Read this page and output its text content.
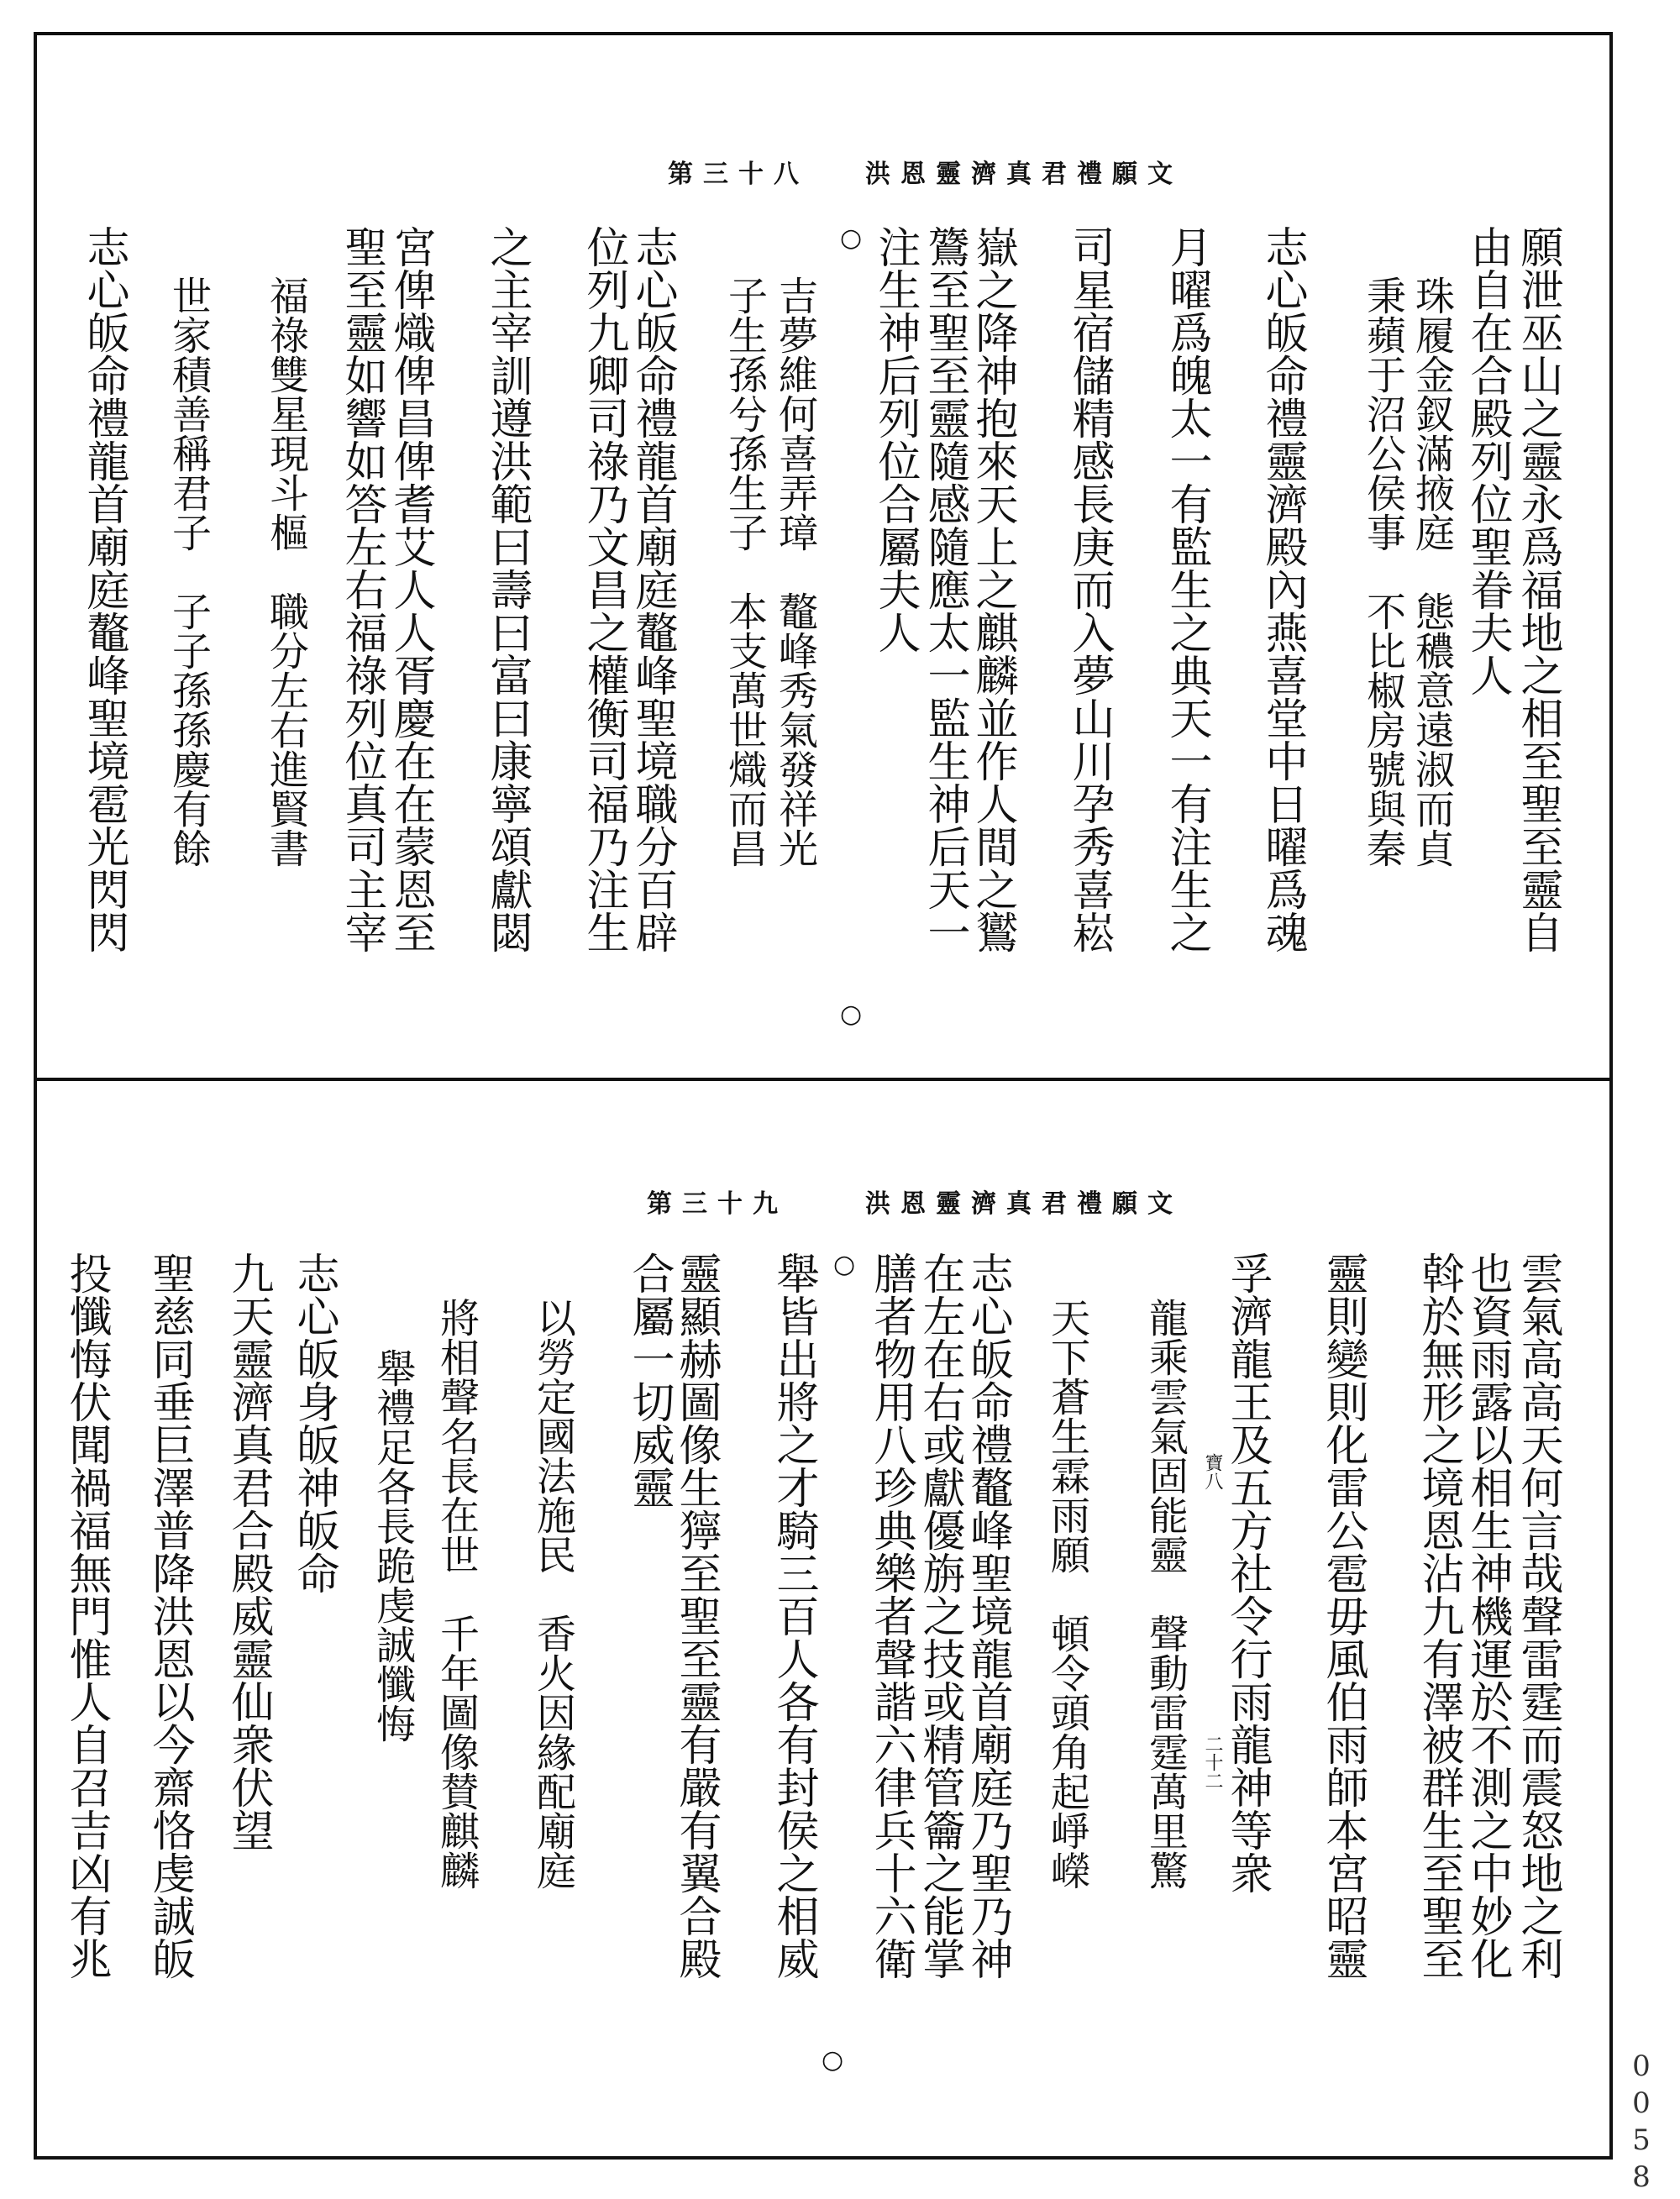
洪恩靈濟真君禮願文
第三十八
願泄巫山之靈永爲福地之相至聖至靈自
由自在合殿列位聖眷夫人
珠履金釵滿掖庭　態穠意遠淑而貞
秉蘋于沼公侯事　不比椒房號與秦
志心皈命禮靈濟殿內燕喜堂中日曜爲魂
月曜爲魄太一有監生之典天一有注生之
司星宿儲精感長庚而入夢山川孕秀喜崧
嶽之降神抱來天上之麒麟並作人間之鸑
鷟至聖至靈隨感隨應太一監生神后天一
注生神后列位合屬夫人
吉夢維何喜弄璋　鼇峰秀氣發祥光
子生孫兮孫生子　本支萬世熾而昌
志心皈命禮龍首廟庭鼇峰聖境職分百辟
位列九卿司祿乃文昌之權衡司福乃注生
之主宰訓遵洪範曰壽曰富曰康寧頌獻閟
宮俾熾俾昌俾耆艾人人胥慶在在蒙恩至
聖至靈如響如答左右福祿列位真司主宰
福祿雙星現斗樞　職分左右進賢書
世家積善稱君子　子子孫孫慶有餘
志心皈命禮龍首廟庭鼇峰聖境雹光閃閃	○
○
洪恩靈濟真君禮願文
第三十九
雲氣高高天何言哉聲雷霆而震怒地之利
也資雨露以相生神機運於不測之中妙化
斡於無形之境恩沾九有澤被群生至聖至
靈則變則化雷公雹毋風伯雨師本宮昭靈
孚濟龍王及五方社令行雨龍神等衆
龍乘雲氣固能靈　聲動雷霆萬里驚
天下蒼生霖雨願　頓令頭角起崢嶸
志心皈命禮鼇峰聖境龍首廟庭乃聖乃神
在左在右或獻優旃之技或精管籥之能掌
膳者物用八珍典樂者聲諧六律兵十六衛
舉皆出將之才騎三百人各有封侯之相威
靈顯赫圖像生獰至聖至靈有嚴有翼合殿
合屬一切威靈
以勞定國法施民　香火因緣配廟庭
將相聲名長在世　千年圖像賛麒麟
舉禮足各長跪虔誠懺悔
志心皈身皈神皈命
九天靈濟真君合殿威靈仙衆伏望
聖慈同垂巨澤普降洪恩以今齋恪虔誠皈
投懺悔伏聞禍福無門惟人自召吉凶有兆	寶八
二十二
○
○	0058
